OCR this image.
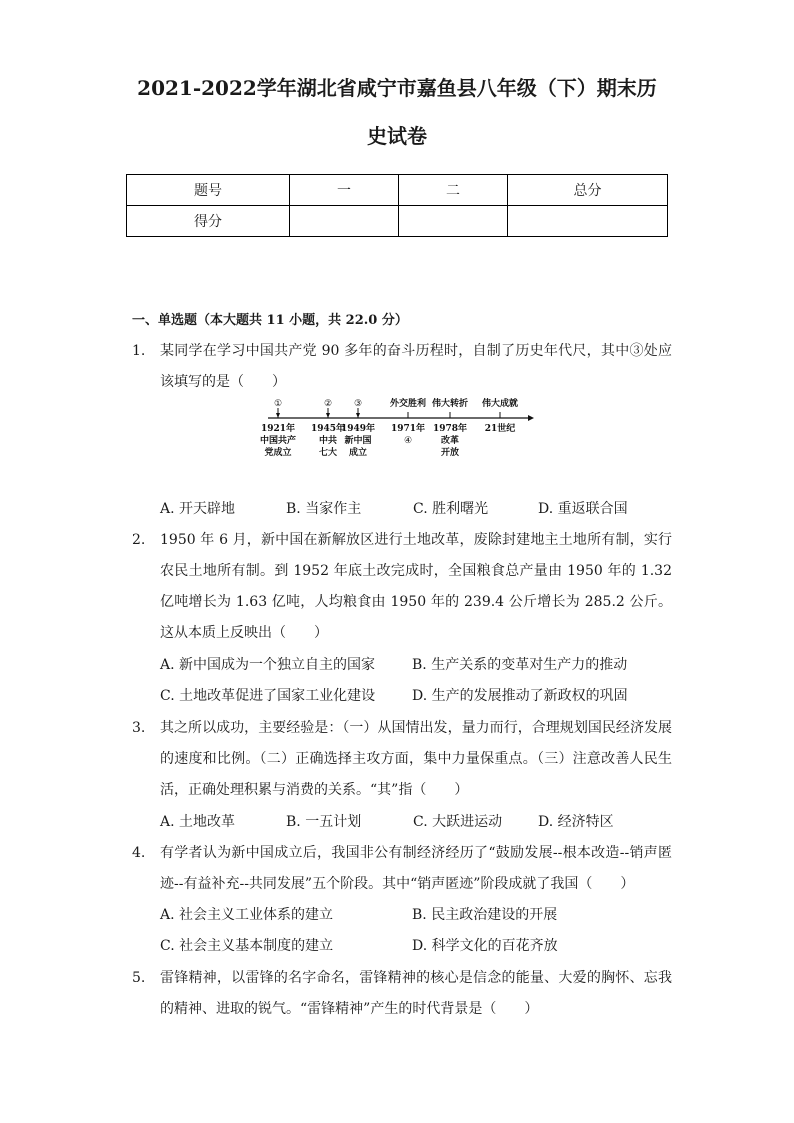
2021-2022学年湖北省咸宁市嘉鱼县八年级（下）期末历
史试卷
题号	一	二	总分
得分			
一、单选题（本大题共 11 小题，共 22.0 分）
1.	某同学在学习中国共产党 90 多年的奋斗历程时，自制了历史年代尺，其中③处应该填写的是（　　）
①
1921年
中国共产
党成立
②
1945年
中共
七大
③
1949年
新中国
成立
外交胜利
1971年
④
伟大转折
1978年
改革
开放
伟大成就
21世纪
A. 开天辟地	B. 当家作主	C. 胜利曙光	D. 重返联合国
2.	1950 年 6 月，新中国在新解放区进行土地改革，废除封建地主土地所有制，实行农民土地所有制。到 1952 年底土改完成时，全国粮食总产量由 1950 年的 1.32 亿吨增长为 1.63 亿吨，人均粮食由 1950 年的 239.4 公斤增长为 285.2 公斤。这从本质上反映出（　　）
A. 新中国成为一个独立自主的国家	B. 生产关系的变革对生产力的推动
C. 土地改革促进了国家工业化建设	D. 生产的发展推动了新政权的巩固
3.	其之所以成功，主要经验是：（一）从国情出发，量力而行，合理规划国民经济发展的速度和比例。（二）正确选择主攻方面，集中力量保重点。（三）注意改善人民生活，正确处理积累与消费的关系。“其”指（　　）
A. 土地改革	B. 一五计划	C. 大跃进运动	D. 经济特区
4.	有学者认为新中国成立后，我国非公有制经济经历了“鼓励发展--根本改造--销声匿迹--有益补充--共同发展”五个阶段。其中“销声匿迹”阶段成就了我国（　　）
A. 社会主义工业体系的建立	B. 民主政治建设的开展
C. 社会主义基本制度的建立	D. 科学文化的百花齐放
5.	雷锋精神，以雷锋的名字命名，雷锋精神的核心是信念的能量、大爱的胸怀、忘我的精神、进取的锐气。“雷锋精神”产生的时代背景是（　　）
